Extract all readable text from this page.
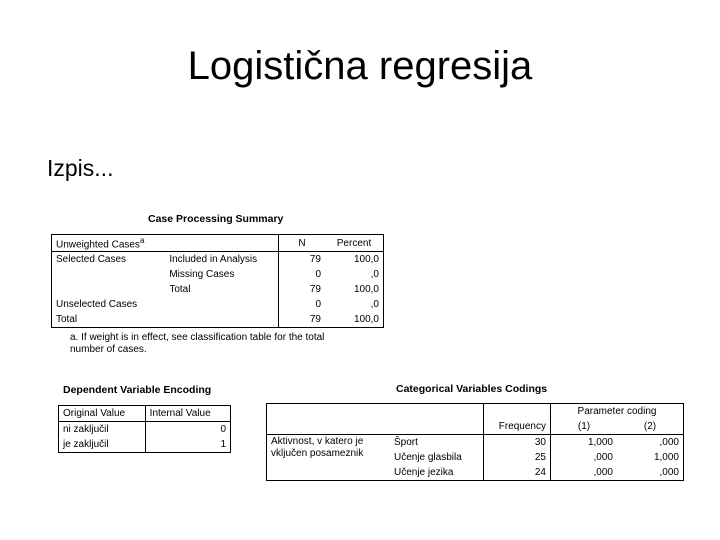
Logistična regresija
Izpis...
Case Processing Summary
Unweighted Cases$^a$		N	Percent
Selected Cases	Included in Analysis	79	100,0
	Missing Cases	0	,0
	Total	79	100,0
Unselected Cases		0	,0
Total		79	100,0
a. If weight is in effect, see classification table for the total number of cases.
Dependent Variable Encoding
Original Value	Internal Value
ni zaključil	0
je zaključil	1
Categorical Variables Codings
			Parameter coding	
		Frequency	(1)	(2)

Aktivnost, v katero je
vključen posameznik	Šport	30	1,000	,000
	Učenje glasbila	25	,000	1,000
	Učenje jezika	24	,000	,000
